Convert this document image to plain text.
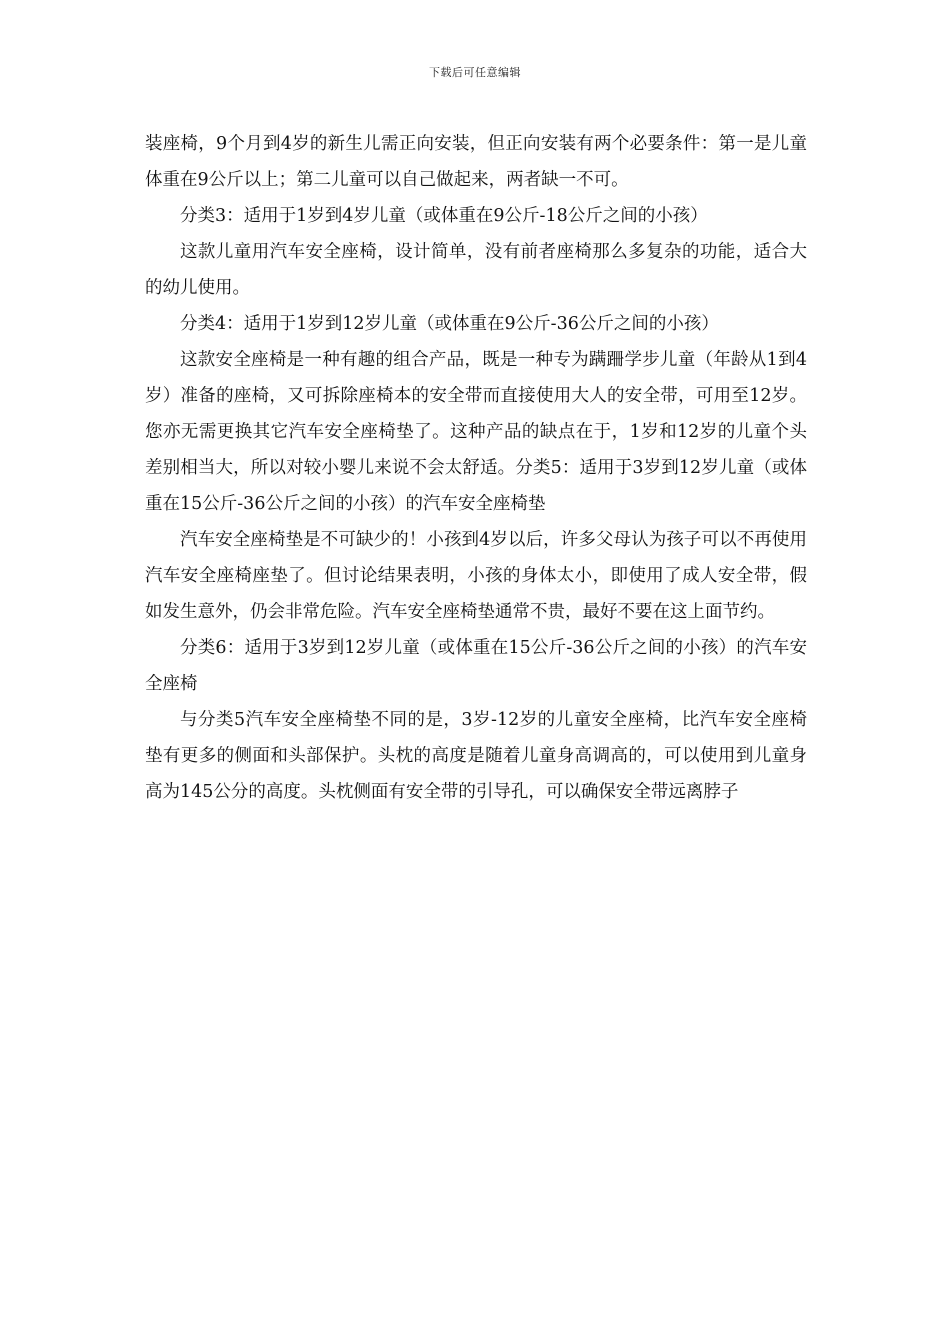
下载后可任意编辑

装座椅，9个月到4岁的新生儿需正向安装，但正向安装有两个必要条件：第一是儿童体重在9公斤以上；第二儿童可以自己做起来，两者缺一不可。

分类3：适用于1岁到4岁儿童（或体重在9公斤-18公斤之间的小孩）

这款儿童用汽车安全座椅，设计简单，没有前者座椅那么多复杂的功能，适合大的幼儿使用。

分类4：适用于1岁到12岁儿童（或体重在9公斤-36公斤之间的小孩）

这款安全座椅是一种有趣的组合产品，既是一种专为蹒跚学步儿童（年龄从1到4岁）准备的座椅，又可拆除座椅本的安全带而直接使用大人的安全带，可用至12岁。您亦无需更换其它汽车安全座椅垫了。这种产品的缺点在于，1岁和12岁的儿童个头差别相当大，所以对较小婴儿来说不会太舒适。分类5：适用于3岁到12岁儿童（或体重在15公斤-36公斤之间的小孩）的汽车安全座椅垫

汽车安全座椅垫是不可缺少的！小孩到4岁以后，许多父母认为孩子可以不再使用汽车安全座椅座垫了。但讨论结果表明，小孩的身体太小，即使用了成人安全带，假如发生意外，仍会非常危险。汽车安全座椅垫通常不贵，最好不要在这上面节约。

分类6：适用于3岁到12岁儿童（或体重在15公斤-36公斤之间的小孩）的汽车安全座椅

与分类5汽车安全座椅垫不同的是，3岁-12岁的儿童安全座椅，比汽车安全座椅垫有更多的侧面和头部保护。头枕的高度是随着儿童身高调高的，可以使用到儿童身高为145公分的高度。头枕侧面有安全带的引导孔，可以确保安全带远离脖子
